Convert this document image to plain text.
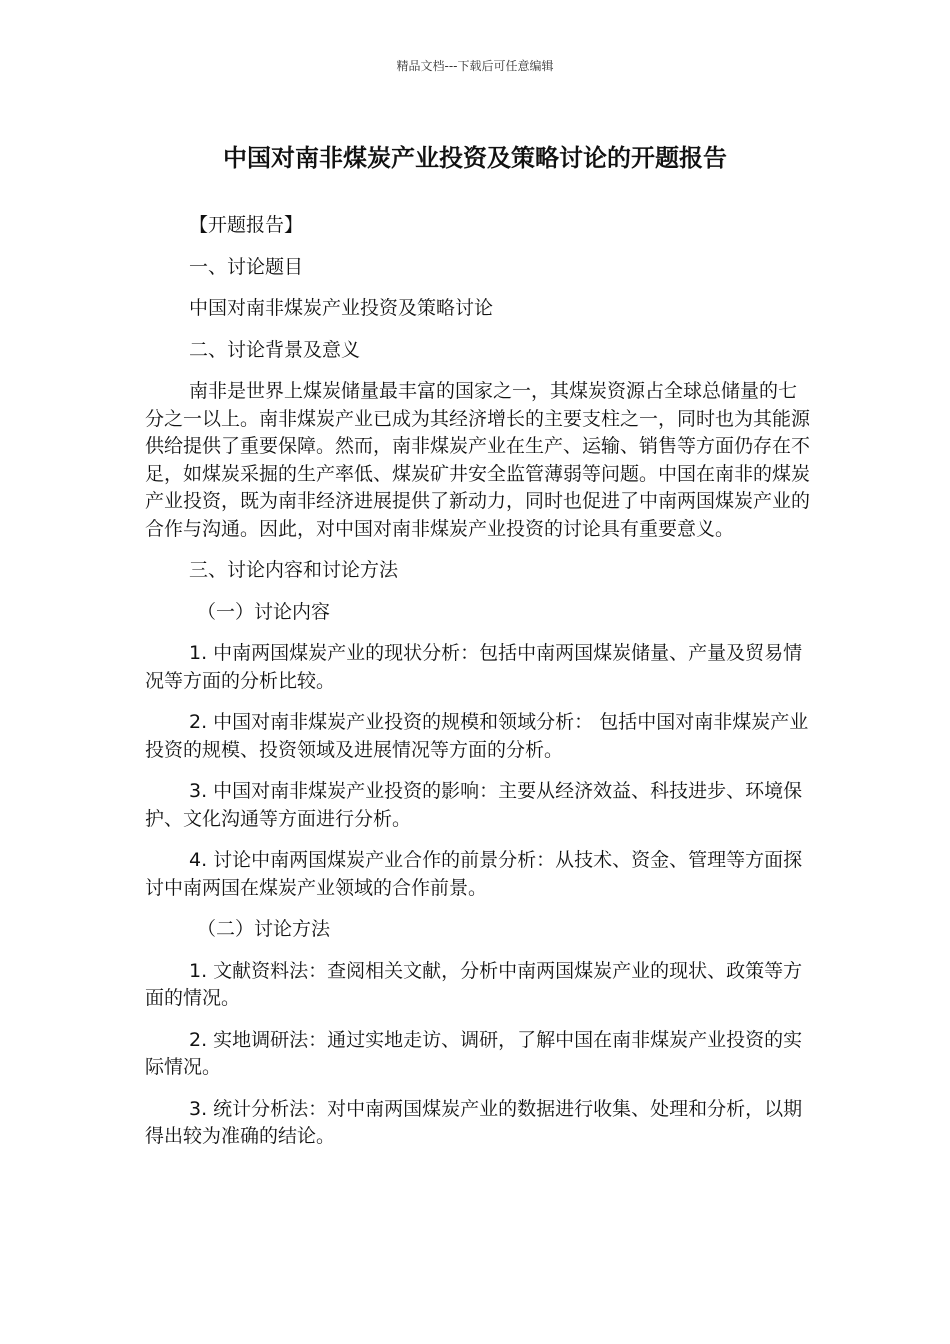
精品文档---下载后可任意编辑
中国对南非煤炭产业投资及策略讨论的开题报告

【开题报告】

一、讨论题目

中国对南非煤炭产业投资及策略讨论

二、讨论背景及意义

南非是世界上煤炭储量最丰富的国家之一，其煤炭资源占全球总储量的七分之一以上。南非煤炭产业已成为其经济增长的主要支柱之一，同时也为其能源供给提供了重要保障。然而，南非煤炭产业在生产、运输、销售等方面仍存在不足，如煤炭采掘的生产率低、煤炭矿井安全监管薄弱等问题。中国在南非的煤炭产业投资，既为南非经济进展提供了新动力，同时也促进了中南两国煤炭产业的合作与沟通。因此，对中国对南非煤炭产业投资的讨论具有重要意义。

三、讨论内容和讨论方法

（一）讨论内容

1. 中南两国煤炭产业的现状分析：包括中南两国煤炭储量、产量及贸易情况等方面的分析比较。

2. 中国对南非煤炭产业投资的规模和领域分析： 包括中国对南非煤炭产业投资的规模、投资领域及进展情况等方面的分析。

3. 中国对南非煤炭产业投资的影响：主要从经济效益、科技进步、环境保护、文化沟通等方面进行分析。

4. 讨论中南两国煤炭产业合作的前景分析：从技术、资金、管理等方面探讨中南两国在煤炭产业领域的合作前景。

（二）讨论方法

1. 文献资料法：查阅相关文献，分析中南两国煤炭产业的现状、政策等方面的情况。

2. 实地调研法：通过实地走访、调研，了解中国在南非煤炭产业投资的实际情况。

3. 统计分析法：对中南两国煤炭产业的数据进行收集、处理和分析，以期得出较为准确的结论。
